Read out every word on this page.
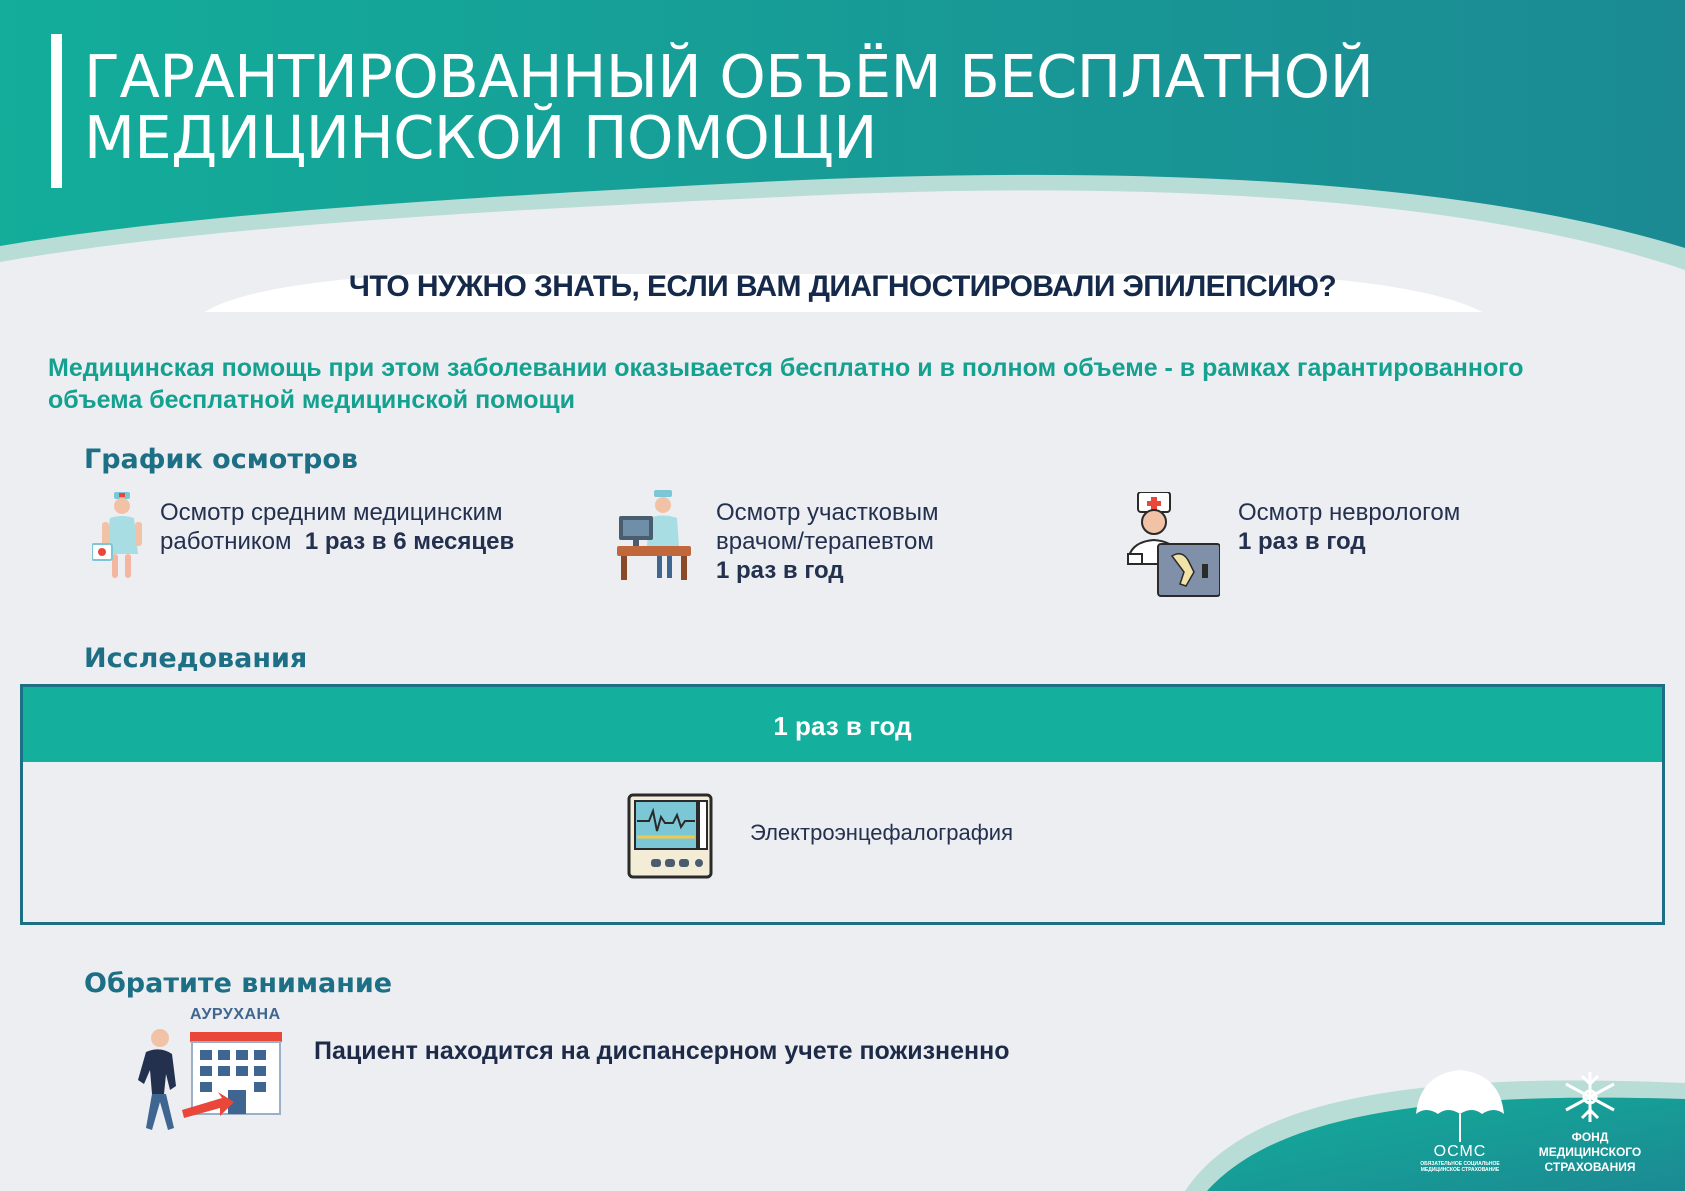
ГАРАНТИРОВАННЫЙ ОБЪЁМ БЕСПЛАТНОЙ
МЕДИЦИНСКОЙ ПОМОЩИ
ЧТО НУЖНО ЗНАТЬ, ЕСЛИ ВАМ ДИАГНОСТИРОВАЛИ ЭПИЛЕПСИЮ?
Медицинская помощь при этом заболевании оказывается бесплатно и в полном объеме - в рамках гарантированного объема бесплатной медицинской помощи
График осмотров
Осмотр средним медицинским
работником 1 раз в 6 месяцев
Осмотр участковым
врачом/терапевтом
1 раз в год
Осмотр неврологом
1 раз в год
Исследования
1 раз в год
Электроэнцефалография
Обратите внимание
АУРУХАНА
Пациент находится на диспансерном учете пожизненно
ОСМС
ОБЯЗАТЕЛЬНОЕ СОЦИАЛЬНОЕ МЕДИЦИНСКОЕ СТРАХОВАНИЕ
ФОНД
МЕДИЦИНСКОГО
СТРАХОВАНИЯ
